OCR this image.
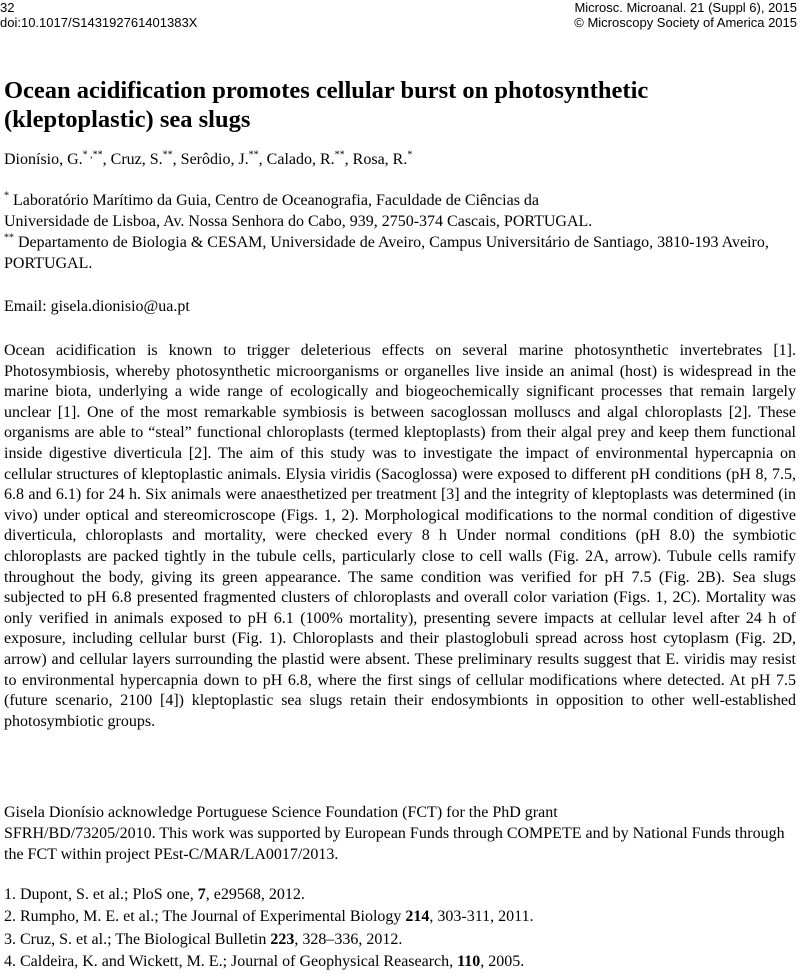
32
doi:10.1017/S143192761401383X
Microsc. Microanal. 21 (Suppl 6), 2015
© Microscopy Society of America 2015
Ocean acidification promotes cellular burst on photosynthetic (kleptoplastic) sea slugs
Dionísio, G.* ,**, Cruz, S.**, Serôdio, J.**, Calado, R.**, Rosa, R.*

* Laboratório Marítimo da Guia, Centro de Oceanografia, Faculdade de Ciências da

Universidade de Lisboa, Av. Nossa Senhora do Cabo, 939, 2750-374 Cascais, PORTUGAL.

** Departamento de Biologia & CESAM, Universidade de Aveiro, Campus Universitário de Santiago, 3810-193 Aveiro, PORTUGAL.

Email: gisela.dionisio@ua.pt
Ocean acidification is known to trigger deleterious effects on several marine photosynthetic invertebrates [1]. Photosymbiosis, whereby photosynthetic microorganisms or organelles live inside an animal (host) is widespread in the marine biota, underlying a wide range of ecologically and biogeochemically significant processes that remain largely unclear [1]. One of the most remarkable symbiosis is between sacoglossan molluscs and algal chloroplasts [2]. These organisms are able to “steal” functional chloroplasts (termed kleptoplasts) from their algal prey and keep them functional inside digestive diverticula [2]. The aim of this study was to investigate the impact of environmental hypercapnia on cellular structures of kleptoplastic animals. Elysia viridis (Sacoglossa) were exposed to different pH conditions (pH 8, 7.5, 6.8 and 6.1) for 24 h. Six animals were anaesthetized per treatment [3] and the integrity of kleptoplasts was determined (in vivo) under optical and stereomicroscope (Figs. 1, 2). Morphological modifications to the normal condition of digestive diverticula, chloroplasts and mortality, were checked every 8 h Under normal conditions (pH 8.0) the symbiotic chloroplasts are packed tightly in the tubule cells, particularly close to cell walls (Fig. 2A, arrow). Tubule cells ramify throughout the body, giving its green appearance. The same condition was verified for pH 7.5 (Fig. 2B). Sea slugs subjected to pH 6.8 presented fragmented clusters of chloroplasts and overall color variation (Figs. 1, 2C). Mortality was only verified in animals exposed to pH 6.1 (100% mortality), presenting severe impacts at cellular level after 24 h of exposure, including cellular burst (Fig. 1). Chloroplasts and their plastoglobuli spread across host cytoplasm (Fig. 2D, arrow) and cellular layers surrounding the plastid were absent. These preliminary results suggest that E. viridis may resist to environmental hypercapnia down to pH 6.8, where the first sings of cellular modifications where detected. At pH 7.5 (future scenario, 2100 [4]) kleptoplastic sea slugs retain their endosymbionts in opposition to other well-established photosymbiotic groups.

Gisela Dionísio acknowledge Portuguese Science Foundation (FCT) for the PhD grant

SFRH/BD/73205/2010. This work was supported by European Funds through COMPETE and by National Funds through the FCT within project PEst-C/MAR/LA0017/2013.

1. Dupont, S. et al.; PloS one, 7, e29568, 2012.
2. Rumpho, M. E. et al.; The Journal of Experimental Biology 214, 303-311, 2011.
3. Cruz, S. et al.; The Biological Bulletin 223, 328–336, 2012.
4. Caldeira, K. and Wickett, M. E.; Journal of Geophysical Reasearch, 110, 2005.
